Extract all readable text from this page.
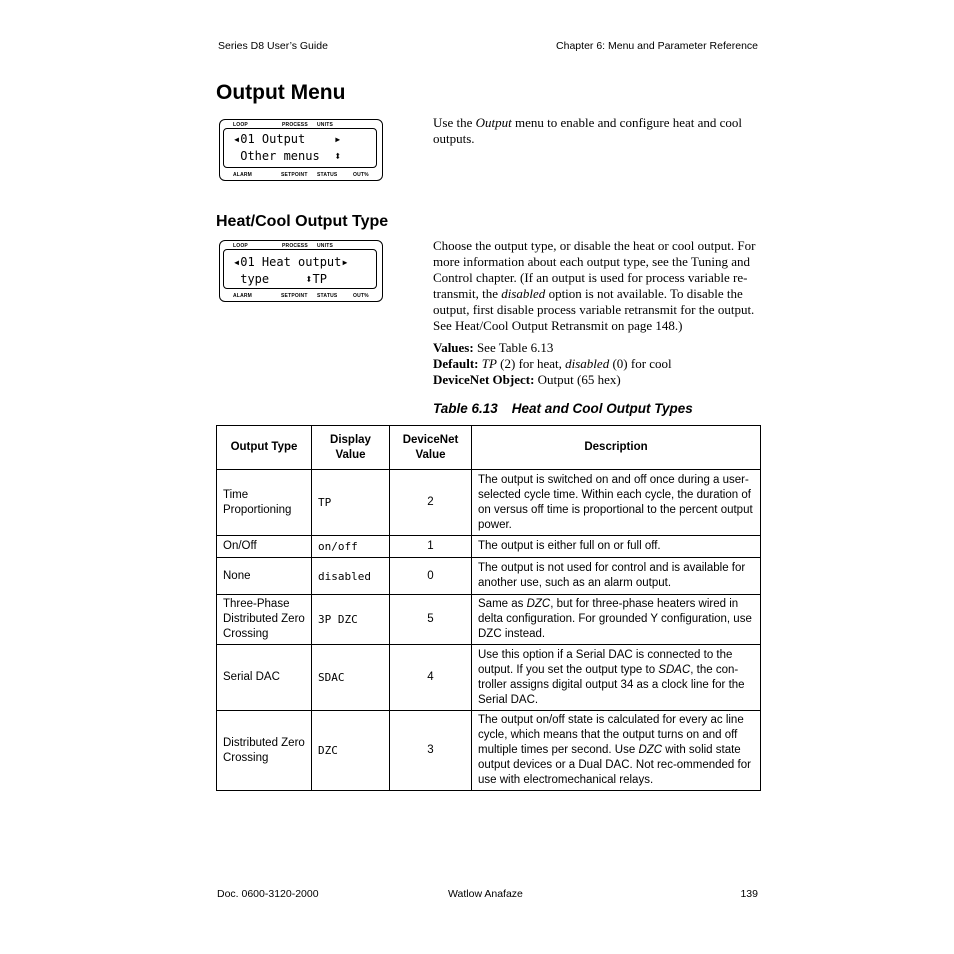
Series D8 User’s Guide	Chapter 6: Menu and Parameter Reference
Output Menu
LOOP	PROCESS UNITS
ALARM	SETPOINT STATUS	OUT%
◂01 Output    ▸
Other menus  ⬍

Use the Output menu to enable and configure heat and cool outputs.

Heat/Cool Output Type
LOOP	PROCESS UNITS
ALARM	SETPOINT STATUS	OUT%
◂01 Heat output▸
type     ⬍TP

Choose the output type, or disable the heat or cool output. For more information about each output type, see the Tuning and Control chapter. (If an output is used for process variable re-transmit, the disabled option is not available. To disable the output, first disable process variable retransmit for the output. See Heat/Cool Output Retransmit on page 148.)

Values: See Table 6.13

Default: TP (2) for heat, disabled (0) for cool

DeviceNet Object: Output (65 hex)

Table 6.13 Heat and Cool Output Types
Output Type	Display Value	DeviceNet Value	Description
Time Proportioning	TP	2	The output is switched on and off once during a user-selected cycle time. Within each cycle, the duration of on versus off time is proportional to the percent output power.
On/Off	on/off	1	The output is either full on or full off.
None	disabled	0	The output is not used for control and is available for another use, such as an alarm output.
Three-Phase Distributed Zero Crossing	3P DZC	5	Same as DZC, but for three-phase heaters wired in delta configuration. For grounded Y configuration, use DZC instead.
Serial DAC	SDAC	4	Use this option if a Serial DAC is connected to the output. If you set the output type to SDAC, the con-troller assigns digital output 34 as a clock line for the Serial DAC.
Distributed Zero Crossing	DZC	3	The output on/off state is calculated for every ac line cycle, which means that the output turns on and off multiple times per second. Use DZC with solid state output devices or a Dual DAC. Not rec-ommended for use with electromechanical relays.
Doc. 0600-3120-2000	Watlow Anafaze	139
